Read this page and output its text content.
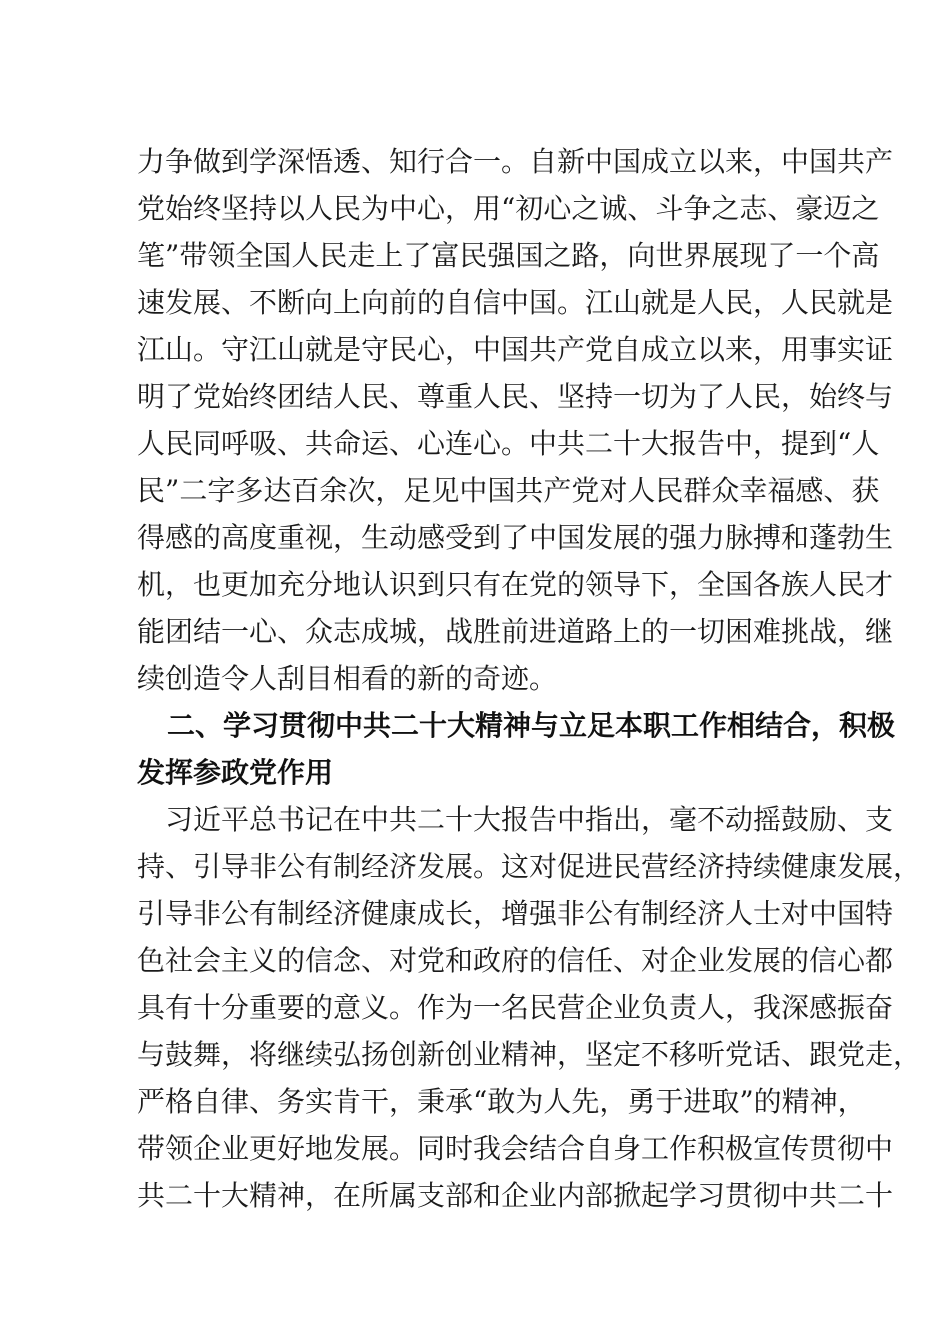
力争做到学深悟透、知行合一。自新中国成立以来，中国共产
党始终坚持以人民为中心，用“初心之诚、斗争之志、豪迈之
笔”带领全国人民走上了富民强国之路，向世界展现了一个高
速发展、不断向上向前的自信中国。江山就是人民，人民就是
江山。守江山就是守民心，中国共产党自成立以来，用事实证
明了党始终团结人民、尊重人民、坚持一切为了人民，始终与
人民同呼吸、共命运、心连心。中共二十大报告中，提到“人
民”二字多达百余次，足见中国共产党对人民群众幸福感、获
得感的高度重视，生动感受到了中国发展的强力脉搏和蓬勃生
机，也更加充分地认识到只有在党的领导下，全国各族人民才
能团结一心、众志成城，战胜前进道路上的一切困难挑战，继
续创造令人刮目相看的新的奇迹。
二、学习贯彻中共二十大精神与立足本职工作相结合，积极
发挥参政党作用
习近平总书记在中共二十大报告中指出，毫不动摇鼓励、支
持、引导非公有制经济发展。这对促进民营经济持续健康发展，
引导非公有制经济健康成长，增强非公有制经济人士对中国特
色社会主义的信念、对党和政府的信任、对企业发展的信心都
具有十分重要的意义。作为一名民营企业负责人，我深感振奋
与鼓舞，将继续弘扬创新创业精神，坚定不移听党话、跟党走，
严格自律、务实肯干，秉承“敢为人先，勇于进取”的精神，
带领企业更好地发展。同时我会结合自身工作积极宣传贯彻中
共二十大精神，在所属支部和企业内部掀起学习贯彻中共二十
